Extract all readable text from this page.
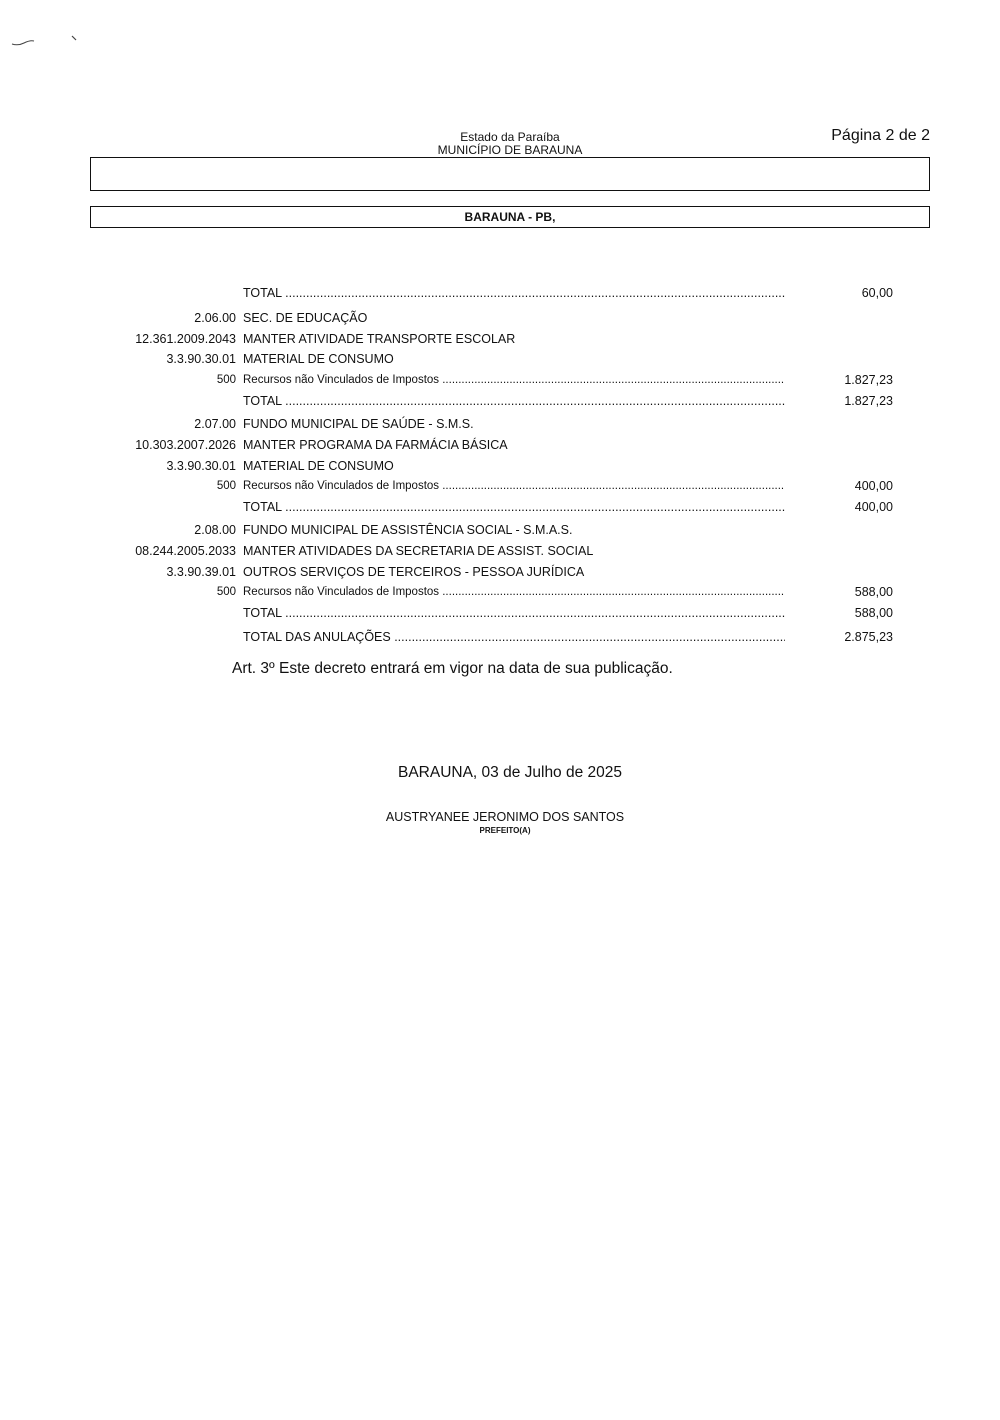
Estado da Paraíba
MUNICÍPIO DE BARAUNA
Página 2 de 2
BARAUNA - PB,
TOTAL .....	60,00
2.06.00 SEC. DE EDUCAÇÃO
12.361.2009.2043 MANTER ATIVIDADE TRANSPORTE ESCOLAR
3.3.90.30.01 MATERIAL DE CONSUMO
500 Recursos não Vinculados de Impostos .....	1.827,23
TOTAL .....	1.827,23
2.07.00 FUNDO MUNICIPAL DE SAÚDE - S.M.S.
10.303.2007.2026 MANTER PROGRAMA DA FARMÁCIA BÁSICA
3.3.90.30.01 MATERIAL DE CONSUMO
500 Recursos não Vinculados de Impostos .....	400,00
TOTAL .....	400,00
2.08.00 FUNDO MUNICIPAL DE ASSISTÊNCIA SOCIAL - S.M.A.S.
08.244.2005.2033 MANTER ATIVIDADES DA SECRETARIA DE ASSIST. SOCIAL
3.3.90.39.01 OUTROS SERVIÇOS DE TERCEIROS - PESSOA JURÍDICA
500 Recursos não Vinculados de Impostos .....	588,00
TOTAL .....	588,00
TOTAL DAS ANULAÇÕES .....	2.875,23
Art. 3º Este decreto entrará em vigor na data de sua publicação.
BARAUNA, 03 de Julho de 2025
AUSTRYANEE JERONIMO DOS SANTOS
PREFEITO(A)
